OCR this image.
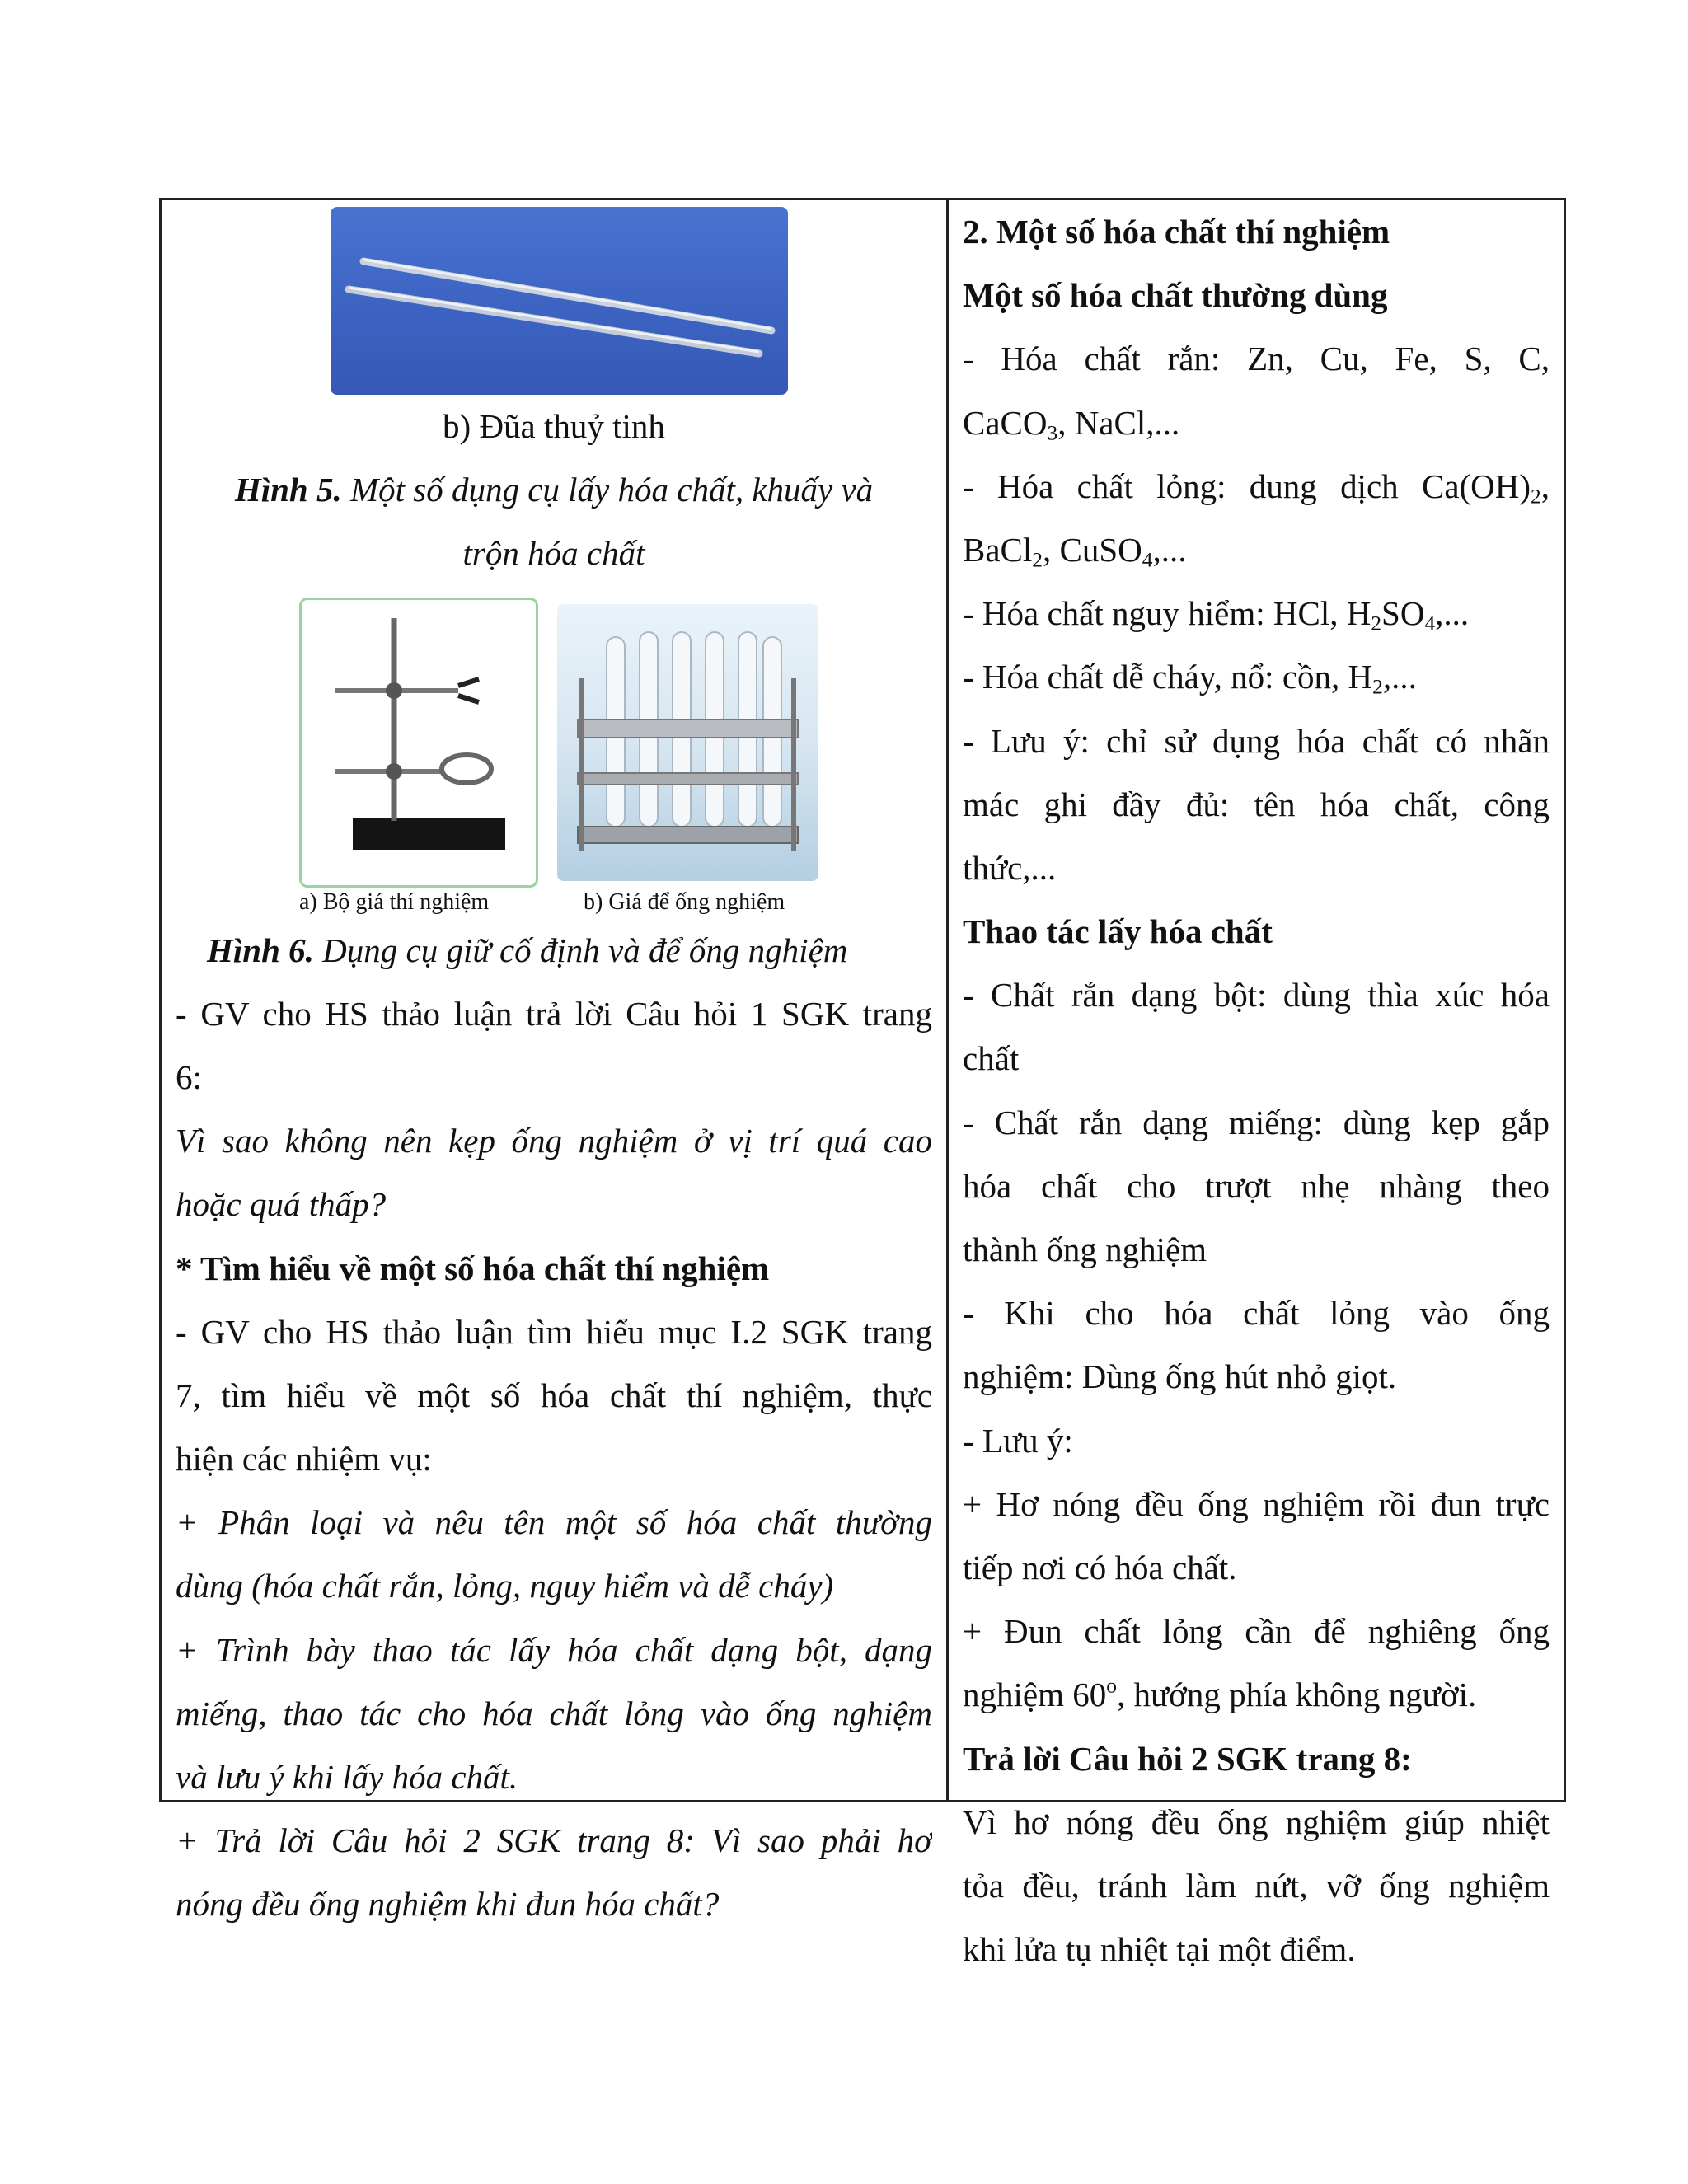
b) Đũa thuỷ tinh
Hình 5. Một số dụng cụ lấy hóa chất, khuấy và
trộn hóa chất
a) Bộ giá thí nghiệm	b) Giá để ống nghiệm
Hình 6. Dụng cụ giữ cố định và để ống nghiệm
- GV cho HS thảo luận trả lời Câu hỏi 1 SGK trang
6:
Vì sao không nên kẹp ống nghiệm ở vị trí quá cao
hoặc quá thấp?
* Tìm hiểu về một số hóa chất thí nghiệm
- GV cho HS thảo luận tìm hiểu mục I.2 SGK trang
7, tìm hiểu về một số hóa chất thí nghiệm, thực
hiện các nhiệm vụ:
+ Phân loại và nêu tên một số hóa chất thường
dùng (hóa chất rắn, lỏng, nguy hiểm và dễ cháy)
+ Trình bày thao tác lấy hóa chất dạng bột, dạng
miếng, thao tác cho hóa chất lỏng vào ống nghiệm
và lưu ý khi lấy hóa chất.
+ Trả lời Câu hỏi 2 SGK trang 8: Vì sao phải hơ
nóng đều ống nghiệm khi đun hóa chất?
2. Một số hóa chất thí nghiệm
Một số hóa chất thường dùng
- Hóa chất rắn: Zn, Cu, Fe, S, C,
CaCO$_3$, NaCl,...
- Hóa chất lỏng: dung dịch $Ca(OH)_2$,
BaCl$_2$, CuSO$_4$,...
- Hóa chất nguy hiểm: HCl, $H_2SO_4$,...
- Hóa chất dễ cháy, nổ: cồn, $H_2$,...
- Lưu ý: chỉ sử dụng hóa chất có nhãn
mác ghi đầy đủ: tên hóa chất, công
thức,...
Thao tác lấy hóa chất
- Chất rắn dạng bột: dùng thìa xúc hóa
chất
- Chất rắn dạng miếng: dùng kẹp gắp
hóa chất cho trượt nhẹ nhàng theo
thành ống nghiệm
- Khi cho hóa chất lỏng vào ống
nghiệm: Dùng ống hút nhỏ giọt.
- Lưu ý:
+ Hơ nóng đều ống nghiệm rồi đun trực
tiếp nơi có hóa chất.
+ Đun chất lỏng cần để nghiêng ống
nghiệm 60$^o$, hướng phía không người.
Trả lời Câu hỏi 2 SGK trang 8:
Vì hơ nóng đều ống nghiệm giúp nhiệt
tỏa đều, tránh làm nứt, vỡ ống nghiệm
khi lửa tụ nhiệt tại một điểm.
